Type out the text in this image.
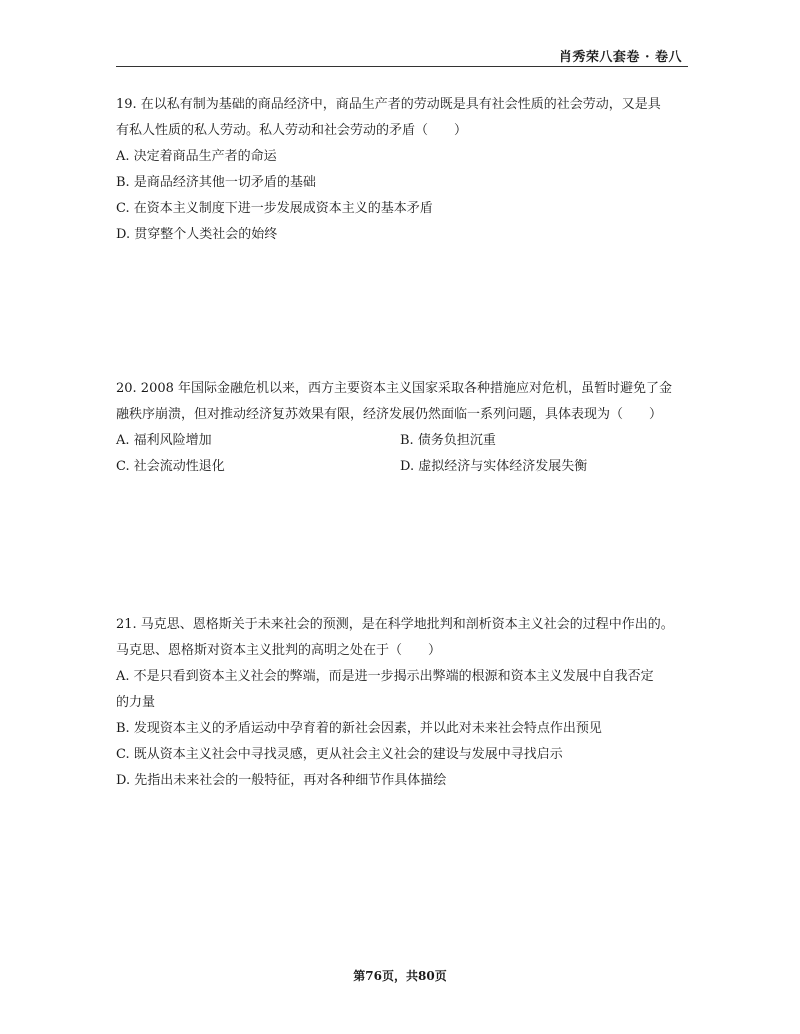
肖秀荣八套卷 · 卷八

19. 在以私有制为基础的商品经济中，商品生产者的劳动既是具有社会性质的社会劳动，又是具

有私人性质的私人劳动。私人劳动和社会劳动的矛盾（　　）

A. 决定着商品生产者的命运

B. 是商品经济其他一切矛盾的基础

C. 在资本主义制度下进一步发展成资本主义的基本矛盾

D. 贯穿整个人类社会的始终

20. 2008 年国际金融危机以来，西方主要资本主义国家采取各种措施应对危机，虽暂时避免了金

融秩序崩溃，但对推动经济复苏效果有限，经济发展仍然面临一系列问题，具体表现为（　　）

A. 福利风险增加	B. 债务负担沉重
C. 社会流动性退化	D. 虚拟经济与实体经济发展失衡

21. 马克思、恩格斯关于未来社会的预测，是在科学地批判和剖析资本主义社会的过程中作出的。

马克思、恩格斯对资本主义批判的高明之处在于（　　）

A. 不是只看到资本主义社会的弊端，而是进一步揭示出弊端的根源和资本主义发展中自我否定

的力量

B. 发现资本主义的矛盾运动中孕育着的新社会因素，并以此对未来社会特点作出预见

C. 既从资本主义社会中寻找灵感，更从社会主义社会的建设与发展中寻找启示

D. 先指出未来社会的一般特征，再对各种细节作具体描绘

第76页，共80页
